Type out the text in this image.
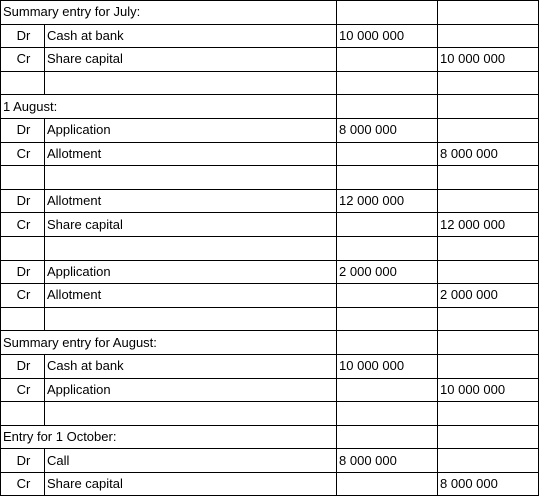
Summary entry for July:			
Dr	Cash at bank	10 000 000	
Cr	Share capital		10 000 000

1 August:			
Dr	Application	8 000 000	
Cr	Allotment		8 000 000

Dr	Allotment	12 000 000	
Cr	Share capital		12 000 000

Dr	Application	2 000 000	
Cr	Allotment		2 000 000

Summary entry for August:			
Dr	Cash at bank	10 000 000	
Cr	Application		10 000 000

Entry for 1 October:			
Dr	Call	8 000 000	
Cr	Share capital		8 000 000
